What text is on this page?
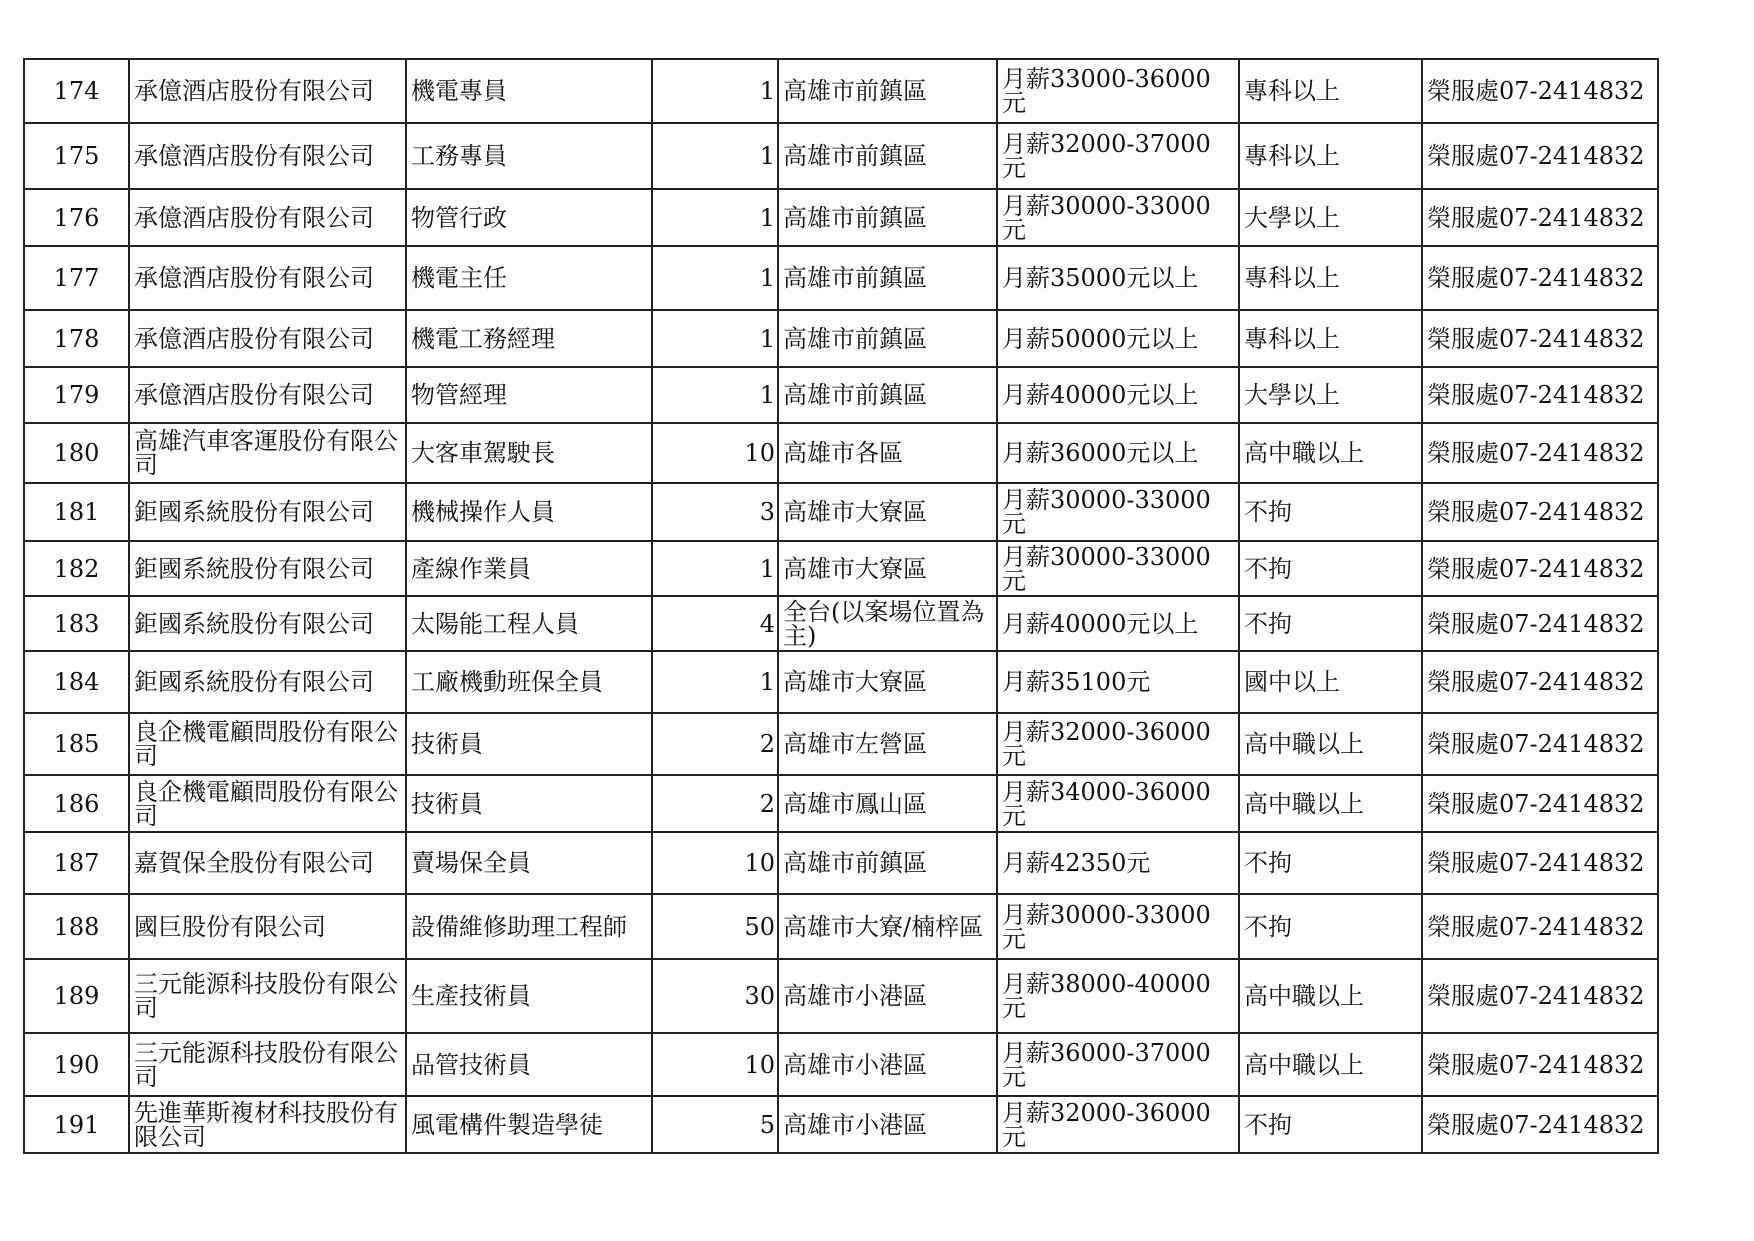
174	承億酒店股份有限公司	機電專員	1	高雄市前鎮區	月薪33000-36000元	專科以上	榮服處07-2414832
175	承億酒店股份有限公司	工務專員	1	高雄市前鎮區	月薪32000-37000元	專科以上	榮服處07-2414832
176	承億酒店股份有限公司	物管行政	1	高雄市前鎮區	月薪30000-33000元	大學以上	榮服處07-2414832
177	承億酒店股份有限公司	機電主任	1	高雄市前鎮區	月薪35000元以上	專科以上	榮服處07-2414832
178	承億酒店股份有限公司	機電工務經理	1	高雄市前鎮區	月薪50000元以上	專科以上	榮服處07-2414832
179	承億酒店股份有限公司	物管經理	1	高雄市前鎮區	月薪40000元以上	大學以上	榮服處07-2414832
180	高雄汽車客運股份有限公司	大客車駕駛長	10	高雄市各區	月薪36000元以上	高中職以上	榮服處07-2414832
181	鉅國系統股份有限公司	機械操作人員	3	高雄市大寮區	月薪30000-33000元	不拘	榮服處07-2414832
182	鉅國系統股份有限公司	產線作業員	1	高雄市大寮區	月薪30000-33000元	不拘	榮服處07-2414832
183	鉅國系統股份有限公司	太陽能工程人員	4	全台(以案場位置為主)	月薪40000元以上	不拘	榮服處07-2414832
184	鉅國系統股份有限公司	工廠機動班保全員	1	高雄市大寮區	月薪35100元	國中以上	榮服處07-2414832
185	良企機電顧問股份有限公司	技術員	2	高雄市左營區	月薪32000-36000元	高中職以上	榮服處07-2414832
186	良企機電顧問股份有限公司	技術員	2	高雄市鳳山區	月薪34000-36000元	高中職以上	榮服處07-2414832
187	嘉賀保全股份有限公司	賣場保全員	10	高雄市前鎮區	月薪42350元	不拘	榮服處07-2414832
188	國巨股份有限公司	設備維修助理工程師	50	高雄市大寮/楠梓區	月薪30000-33000元	不拘	榮服處07-2414832
189	三元能源科技股份有限公司	生產技術員	30	高雄市小港區	月薪38000-40000元	高中職以上	榮服處07-2414832
190	三元能源科技股份有限公司	品管技術員	10	高雄市小港區	月薪36000-37000元	高中職以上	榮服處07-2414832
191	先進華斯複材科技股份有限公司	風電構件製造學徒	5	高雄市小港區	月薪32000-36000元	不拘	榮服處07-2414832
